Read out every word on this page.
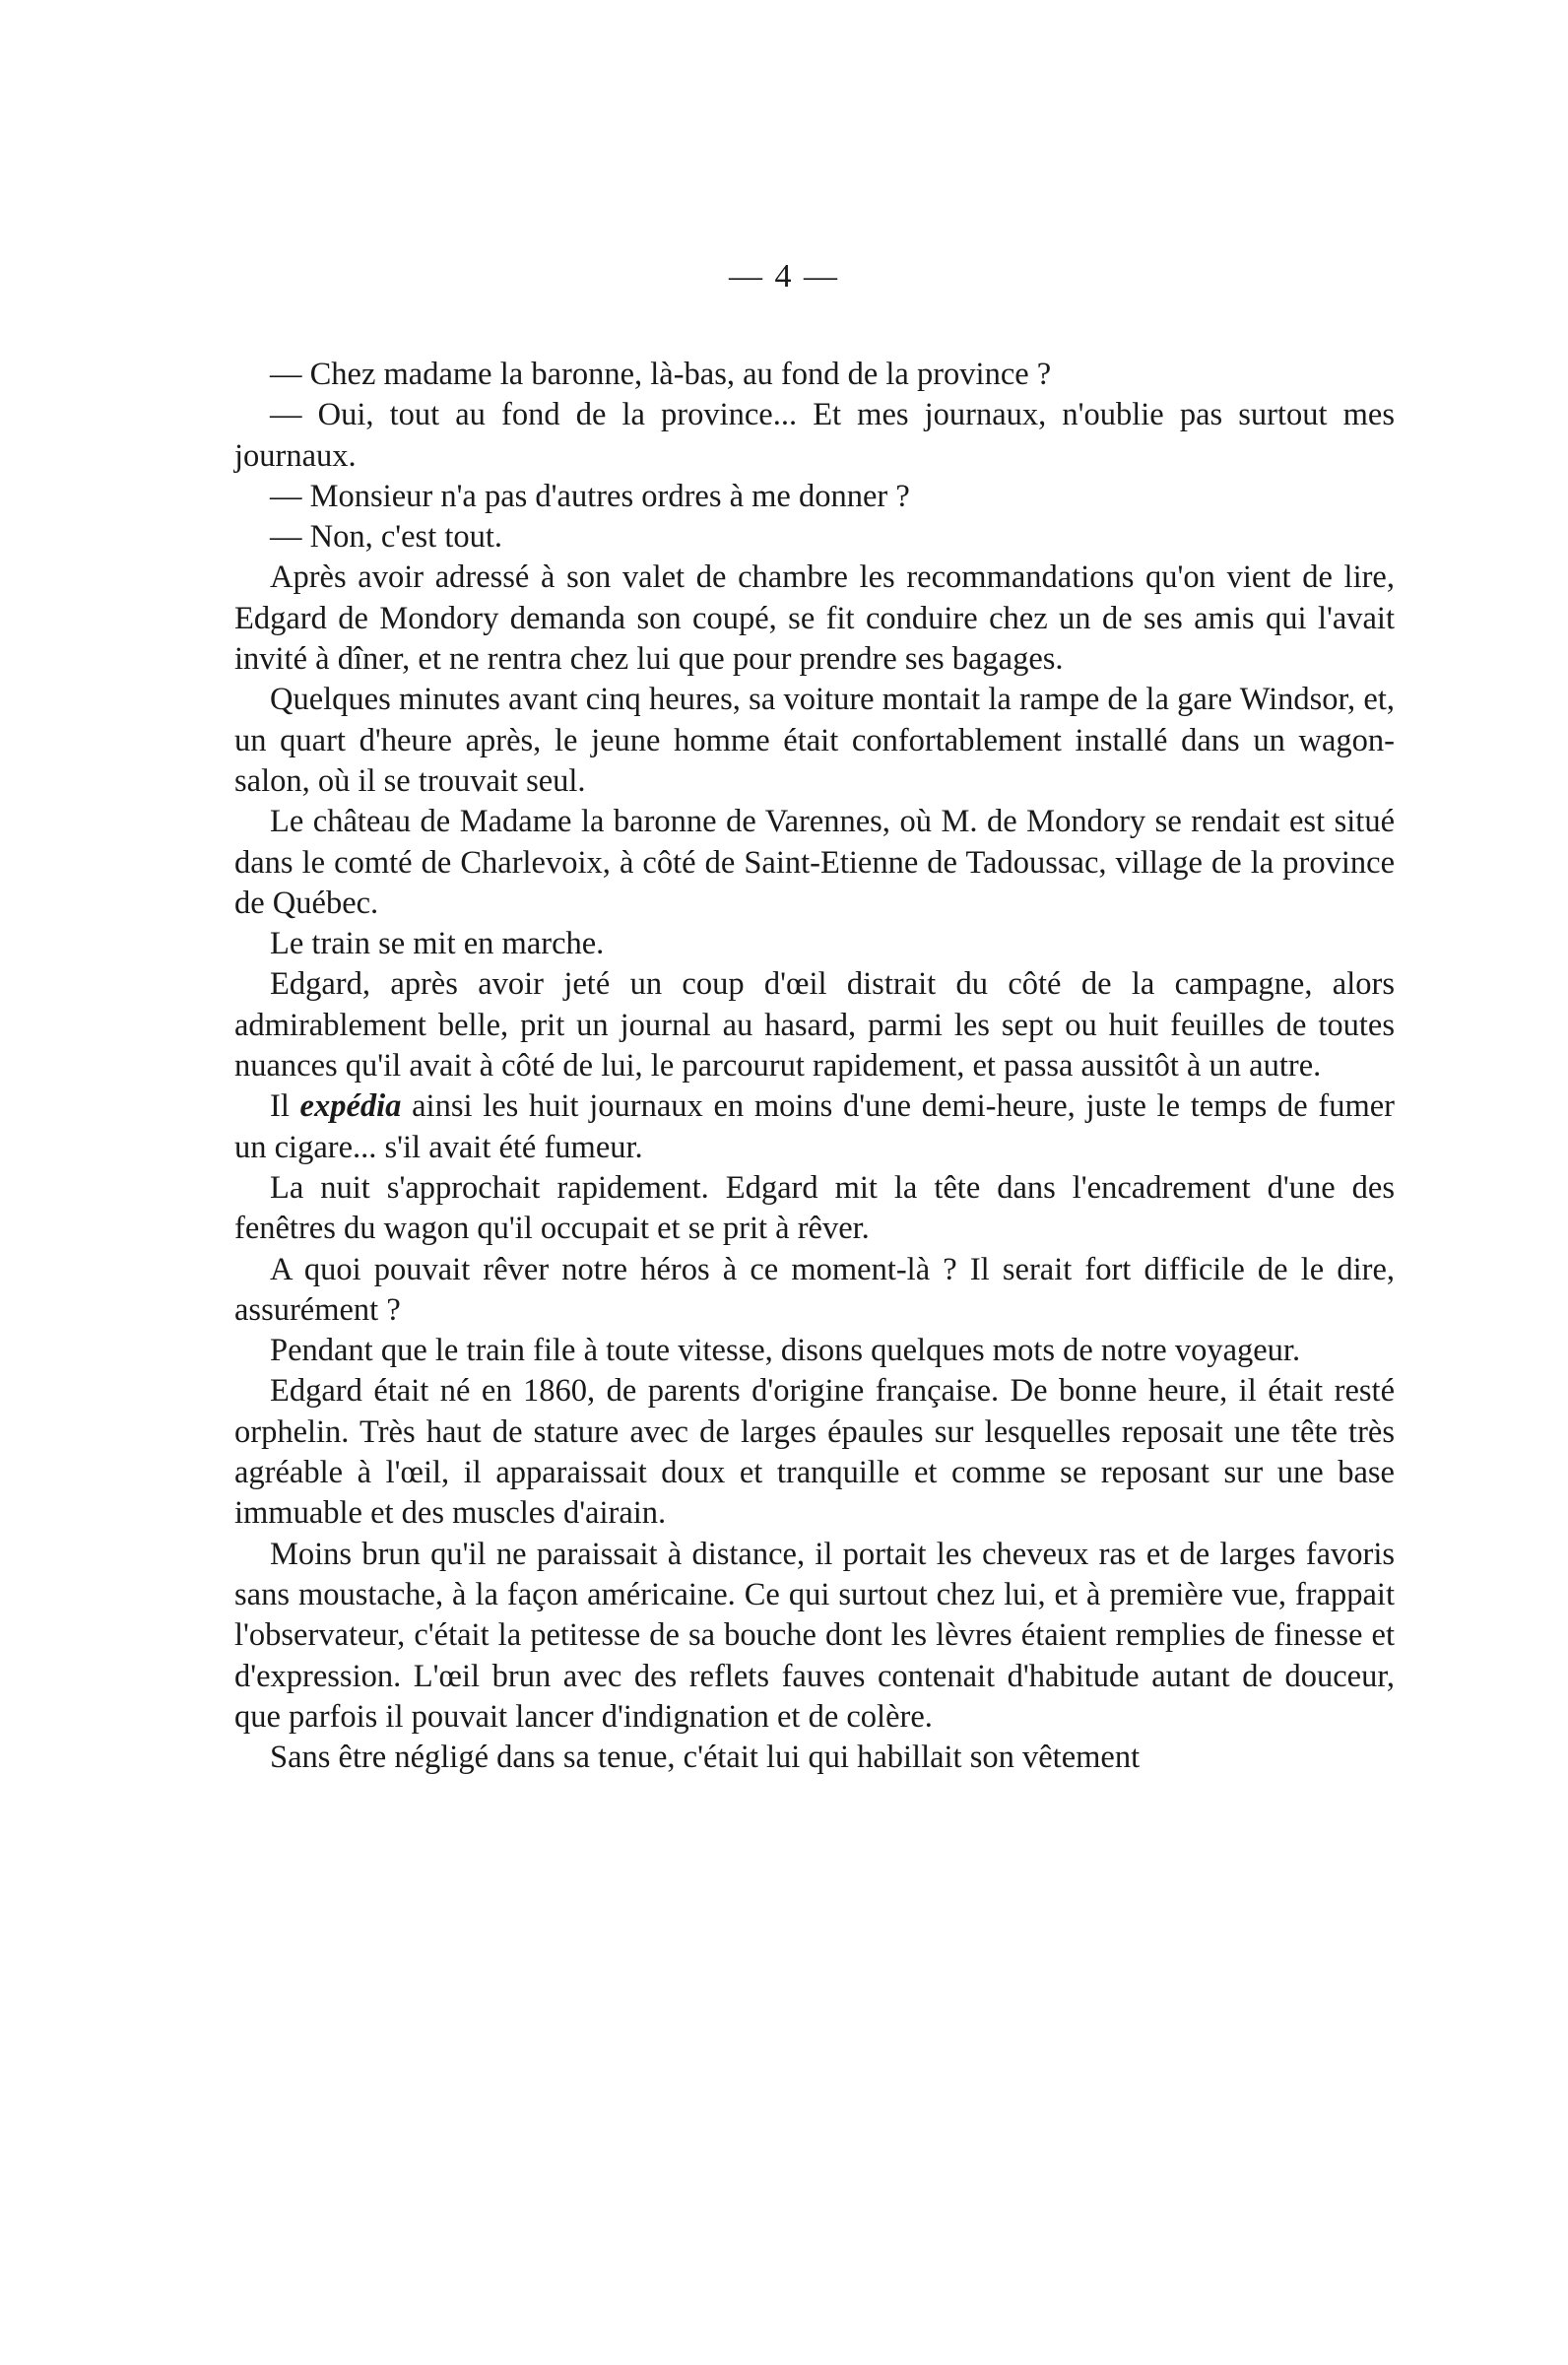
— 4 —

— Chez madame la baronne, là-bas, au fond de la province ?

— Oui, tout au fond de la province... Et mes journaux, n'oublie pas surtout mes journaux.

— Monsieur n'a pas d'autres ordres à me donner ?

— Non, c'est tout.

Après avoir adressé à son valet de chambre les recommandations qu'on vient de lire, Edgard de Mondory demanda son coupé, se fit conduire chez un de ses amis qui l'avait invité à dîner, et ne rentra chez lui que pour prendre ses bagages.

Quelques minutes avant cinq heures, sa voiture montait la rampe de la gare Windsor, et, un quart d'heure après, le jeune homme était confortablement installé dans un wagon-salon, où il se trouvait seul.

Le château de Madame la baronne de Varennes, où M. de Mondory se rendait est situé dans le comté de Charlevoix, à côté de Saint-Etienne de Tadoussac, village de la province de Québec.

Le train se mit en marche.

Edgard, après avoir jeté un coup d'œil distrait du côté de la campagne, alors admirablement belle, prit un journal au hasard, parmi les sept ou huit feuilles de toutes nuances qu'il avait à côté de lui, le parcourut rapidement, et passa aussitôt à un autre.

Il expédia ainsi les huit journaux en moins d'une demi-heure, juste le temps de fumer un cigare... s'il avait été fumeur.

La nuit s'approchait rapidement. Edgard mit la tête dans l'encadrement d'une des fenêtres du wagon qu'il occupait et se prit à rêver.

A quoi pouvait rêver notre héros à ce moment-là ? Il serait fort difficile de le dire, assurément ?

Pendant que le train file à toute vitesse, disons quelques mots de notre voyageur.

Edgard était né en 1860, de parents d'origine française. De bonne heure, il était resté orphelin. Très haut de stature avec de larges épaules sur lesquelles reposait une tête très agréable à l'œil, il apparaissait doux et tranquille et comme se reposant sur une base immuable et des muscles d'airain.

Moins brun qu'il ne paraissait à distance, il portait les cheveux ras et de larges favoris sans moustache, à la façon américaine. Ce qui surtout chez lui, et à première vue, frappait l'observateur, c'était la petitesse de sa bouche dont les lèvres étaient remplies de finesse et d'expression. L'œil brun avec des reflets fauves contenait d'habitude autant de douceur, que parfois il pouvait lancer d'indignation et de colère.

Sans être négligé dans sa tenue, c'était lui qui habillait son vêtement
